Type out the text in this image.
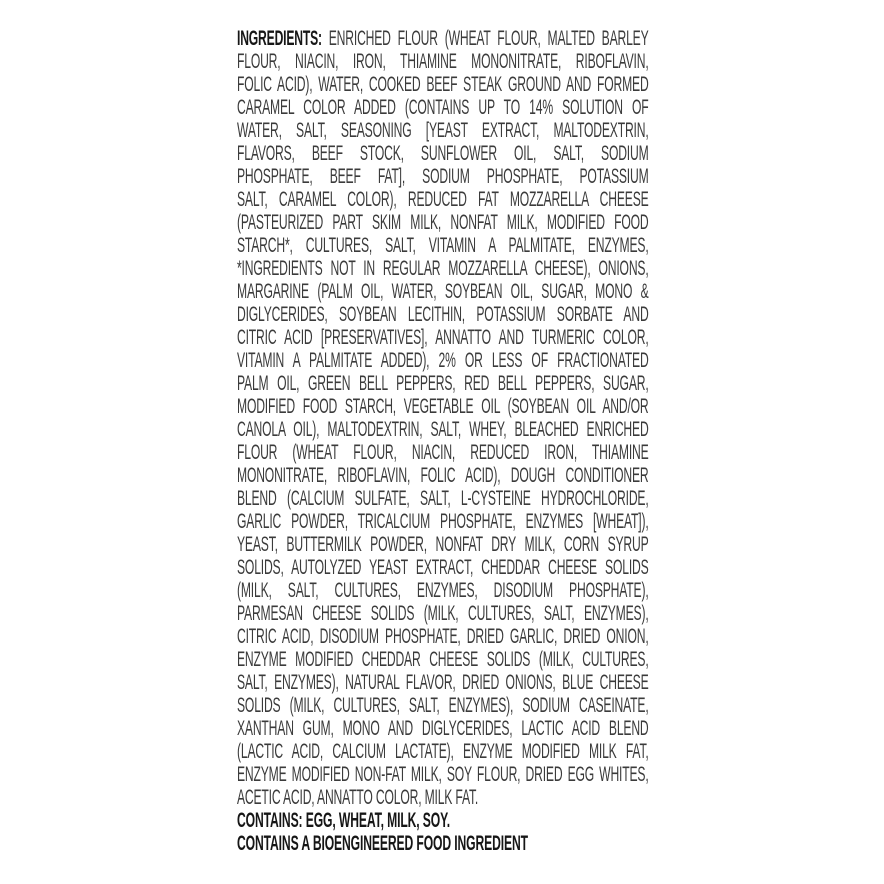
INGREDIENTS: ENRICHED FLOUR (WHEAT FLOUR, MALTED BARLEY

FLOUR, NIACIN, IRON, THIAMINE MONONITRATE, RIBOFLAVIN,

FOLIC ACID), WATER, COOKED BEEF STEAK GROUND AND FORMED

CARAMEL COLOR ADDED (CONTAINS UP TO 14% SOLUTION OF

WATER, SALT, SEASONING [YEAST EXTRACT, MALTODEXTRIN,

FLAVORS, BEEF STOCK, SUNFLOWER OIL, SALT, SODIUM

PHOSPHATE, BEEF FAT], SODIUM PHOSPHATE, POTASSIUM

SALT, CARAMEL COLOR), REDUCED FAT MOZZARELLA CHEESE

(PASTEURIZED PART SKIM MILK, NONFAT MILK, MODIFIED FOOD

STARCH*, CULTURES, SALT, VITAMIN A PALMITATE, ENZYMES,

*INGREDIENTS NOT IN REGULAR MOZZARELLA CHEESE), ONIONS,

MARGARINE (PALM OIL, WATER, SOYBEAN OIL, SUGAR, MONO &

DIGLYCERIDES, SOYBEAN LECITHIN, POTASSIUM SORBATE AND

CITRIC ACID [PRESERVATIVES], ANNATTO AND TURMERIC COLOR,

VITAMIN A PALMITATE ADDED), 2% OR LESS OF FRACTIONATED

PALM OIL, GREEN BELL PEPPERS, RED BELL PEPPERS, SUGAR,

MODIFIED FOOD STARCH, VEGETABLE OIL (SOYBEAN OIL AND/OR

CANOLA OIL), MALTODEXTRIN, SALT, WHEY, BLEACHED ENRICHED

FLOUR (WHEAT FLOUR, NIACIN, REDUCED IRON, THIAMINE

MONONITRATE, RIBOFLAVIN, FOLIC ACID), DOUGH CONDITIONER

BLEND (CALCIUM SULFATE, SALT, L-CYSTEINE HYDROCHLORIDE,

GARLIC POWDER, TRICALCIUM PHOSPHATE, ENZYMES [WHEAT]),

YEAST, BUTTERMILK POWDER, NONFAT DRY MILK, CORN SYRUP

SOLIDS, AUTOLYZED YEAST EXTRACT, CHEDDAR CHEESE SOLIDS

(MILK, SALT, CULTURES, ENZYMES, DISODIUM PHOSPHATE),

PARMESAN CHEESE SOLIDS (MILK, CULTURES, SALT, ENZYMES),

CITRIC ACID, DISODIUM PHOSPHATE, DRIED GARLIC, DRIED ONION,

ENZYME MODIFIED CHEDDAR CHEESE SOLIDS (MILK, CULTURES,

SALT, ENZYMES), NATURAL FLAVOR, DRIED ONIONS, BLUE CHEESE

SOLIDS (MILK, CULTURES, SALT, ENZYMES), SODIUM CASEINATE,

XANTHAN GUM, MONO AND DIGLYCERIDES, LACTIC ACID BLEND

(LACTIC ACID, CALCIUM LACTATE), ENZYME MODIFIED MILK FAT,

ENZYME MODIFIED NON-FAT MILK, SOY FLOUR, DRIED EGG WHITES,

ACETIC ACID, ANNATTO COLOR, MILK FAT.

CONTAINS: EGG, WHEAT, MILK, SOY.

CONTAINS A BIOENGINEERED FOOD INGREDIENT
